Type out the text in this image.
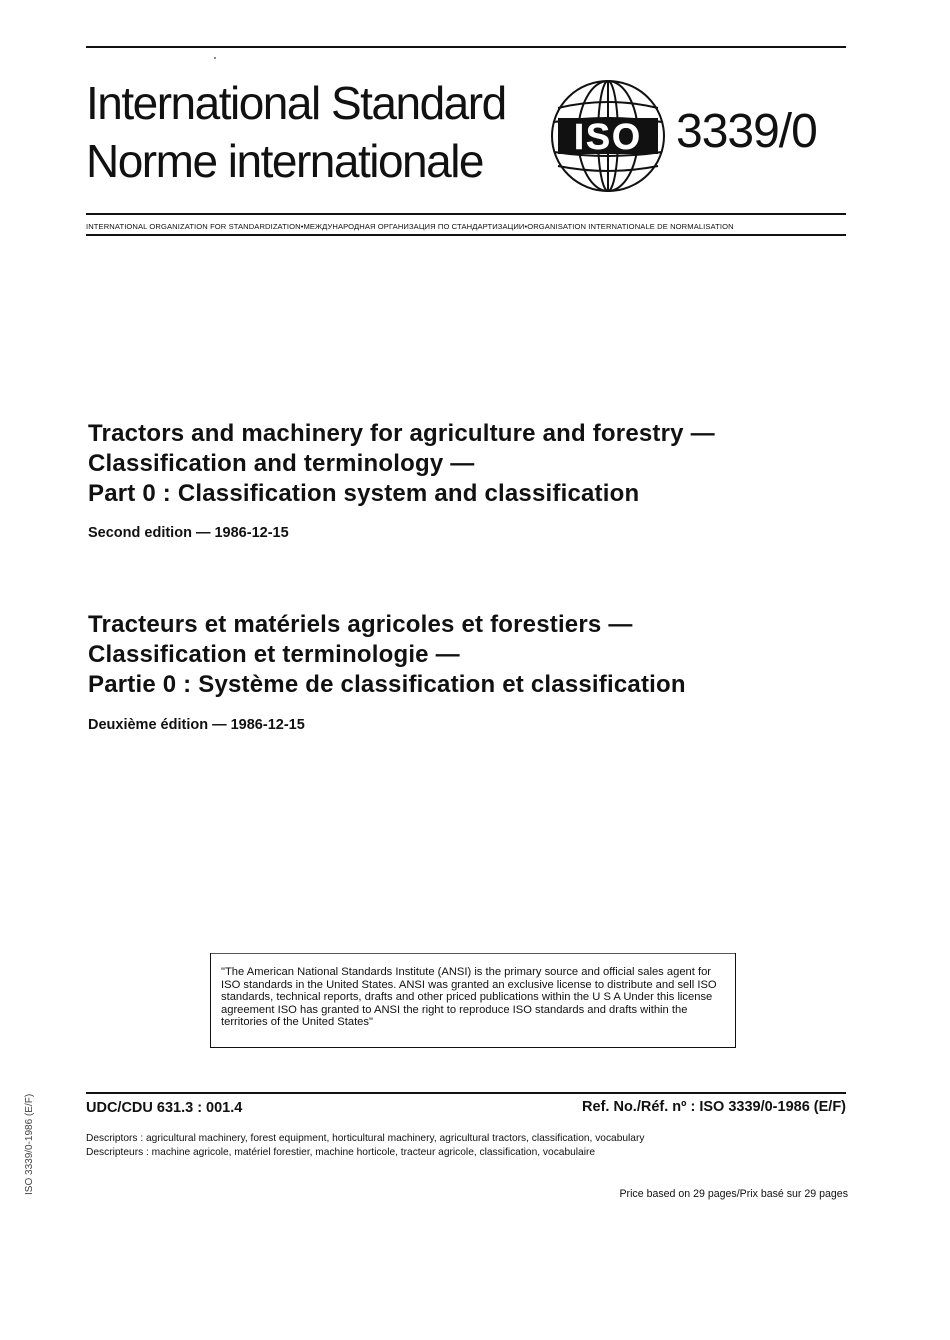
International Standard
Norme internationale	ISO 3339/0
INTERNATIONAL ORGANIZATION FOR STANDARDIZATION•МЕЖДУНАРОДНАЯ ОРГАНИЗАЦИЯ ПО СТАНДАРТИЗАЦИИ•ORGANISATION INTERNATIONALE DE NORMALISATION
Tractors and machinery for agriculture and forestry —
Classification and terminology —
Part 0 : Classification system and classification
Second edition — 1986-12-15
Tracteurs et matériels agricoles et forestiers —
Classification et terminologie —
Partie 0 : Système de classification et classification
Deuxième édition — 1986-12-15
"The American National Standards Institute (ANSI) is the primary source and official sales agent for ISO standards in the United States. ANSI was granted an exclusive license to distribute and sell ISO standards, technical reports, drafts and other priced publications within the U S A Under this license agreement ISO has granted to ANSI the right to reproduce ISO standards and drafts within the territories of the United States"
UDC/CDU 631.3 : 001.4	Ref. No./Réf. nº : ISO 3339/0-1986 (E/F)
Descriptors : agricultural machinery, forest equipment, horticultural machinery, agricultural tractors, classification, vocabulary
Descripteurs : machine agricole, matériel forestier, machine horticole, tracteur agricole, classification, vocabulaire
Price based on 29 pages/Prix basé sur 29 pages
ISO 3339/0-1986 (E/F)
